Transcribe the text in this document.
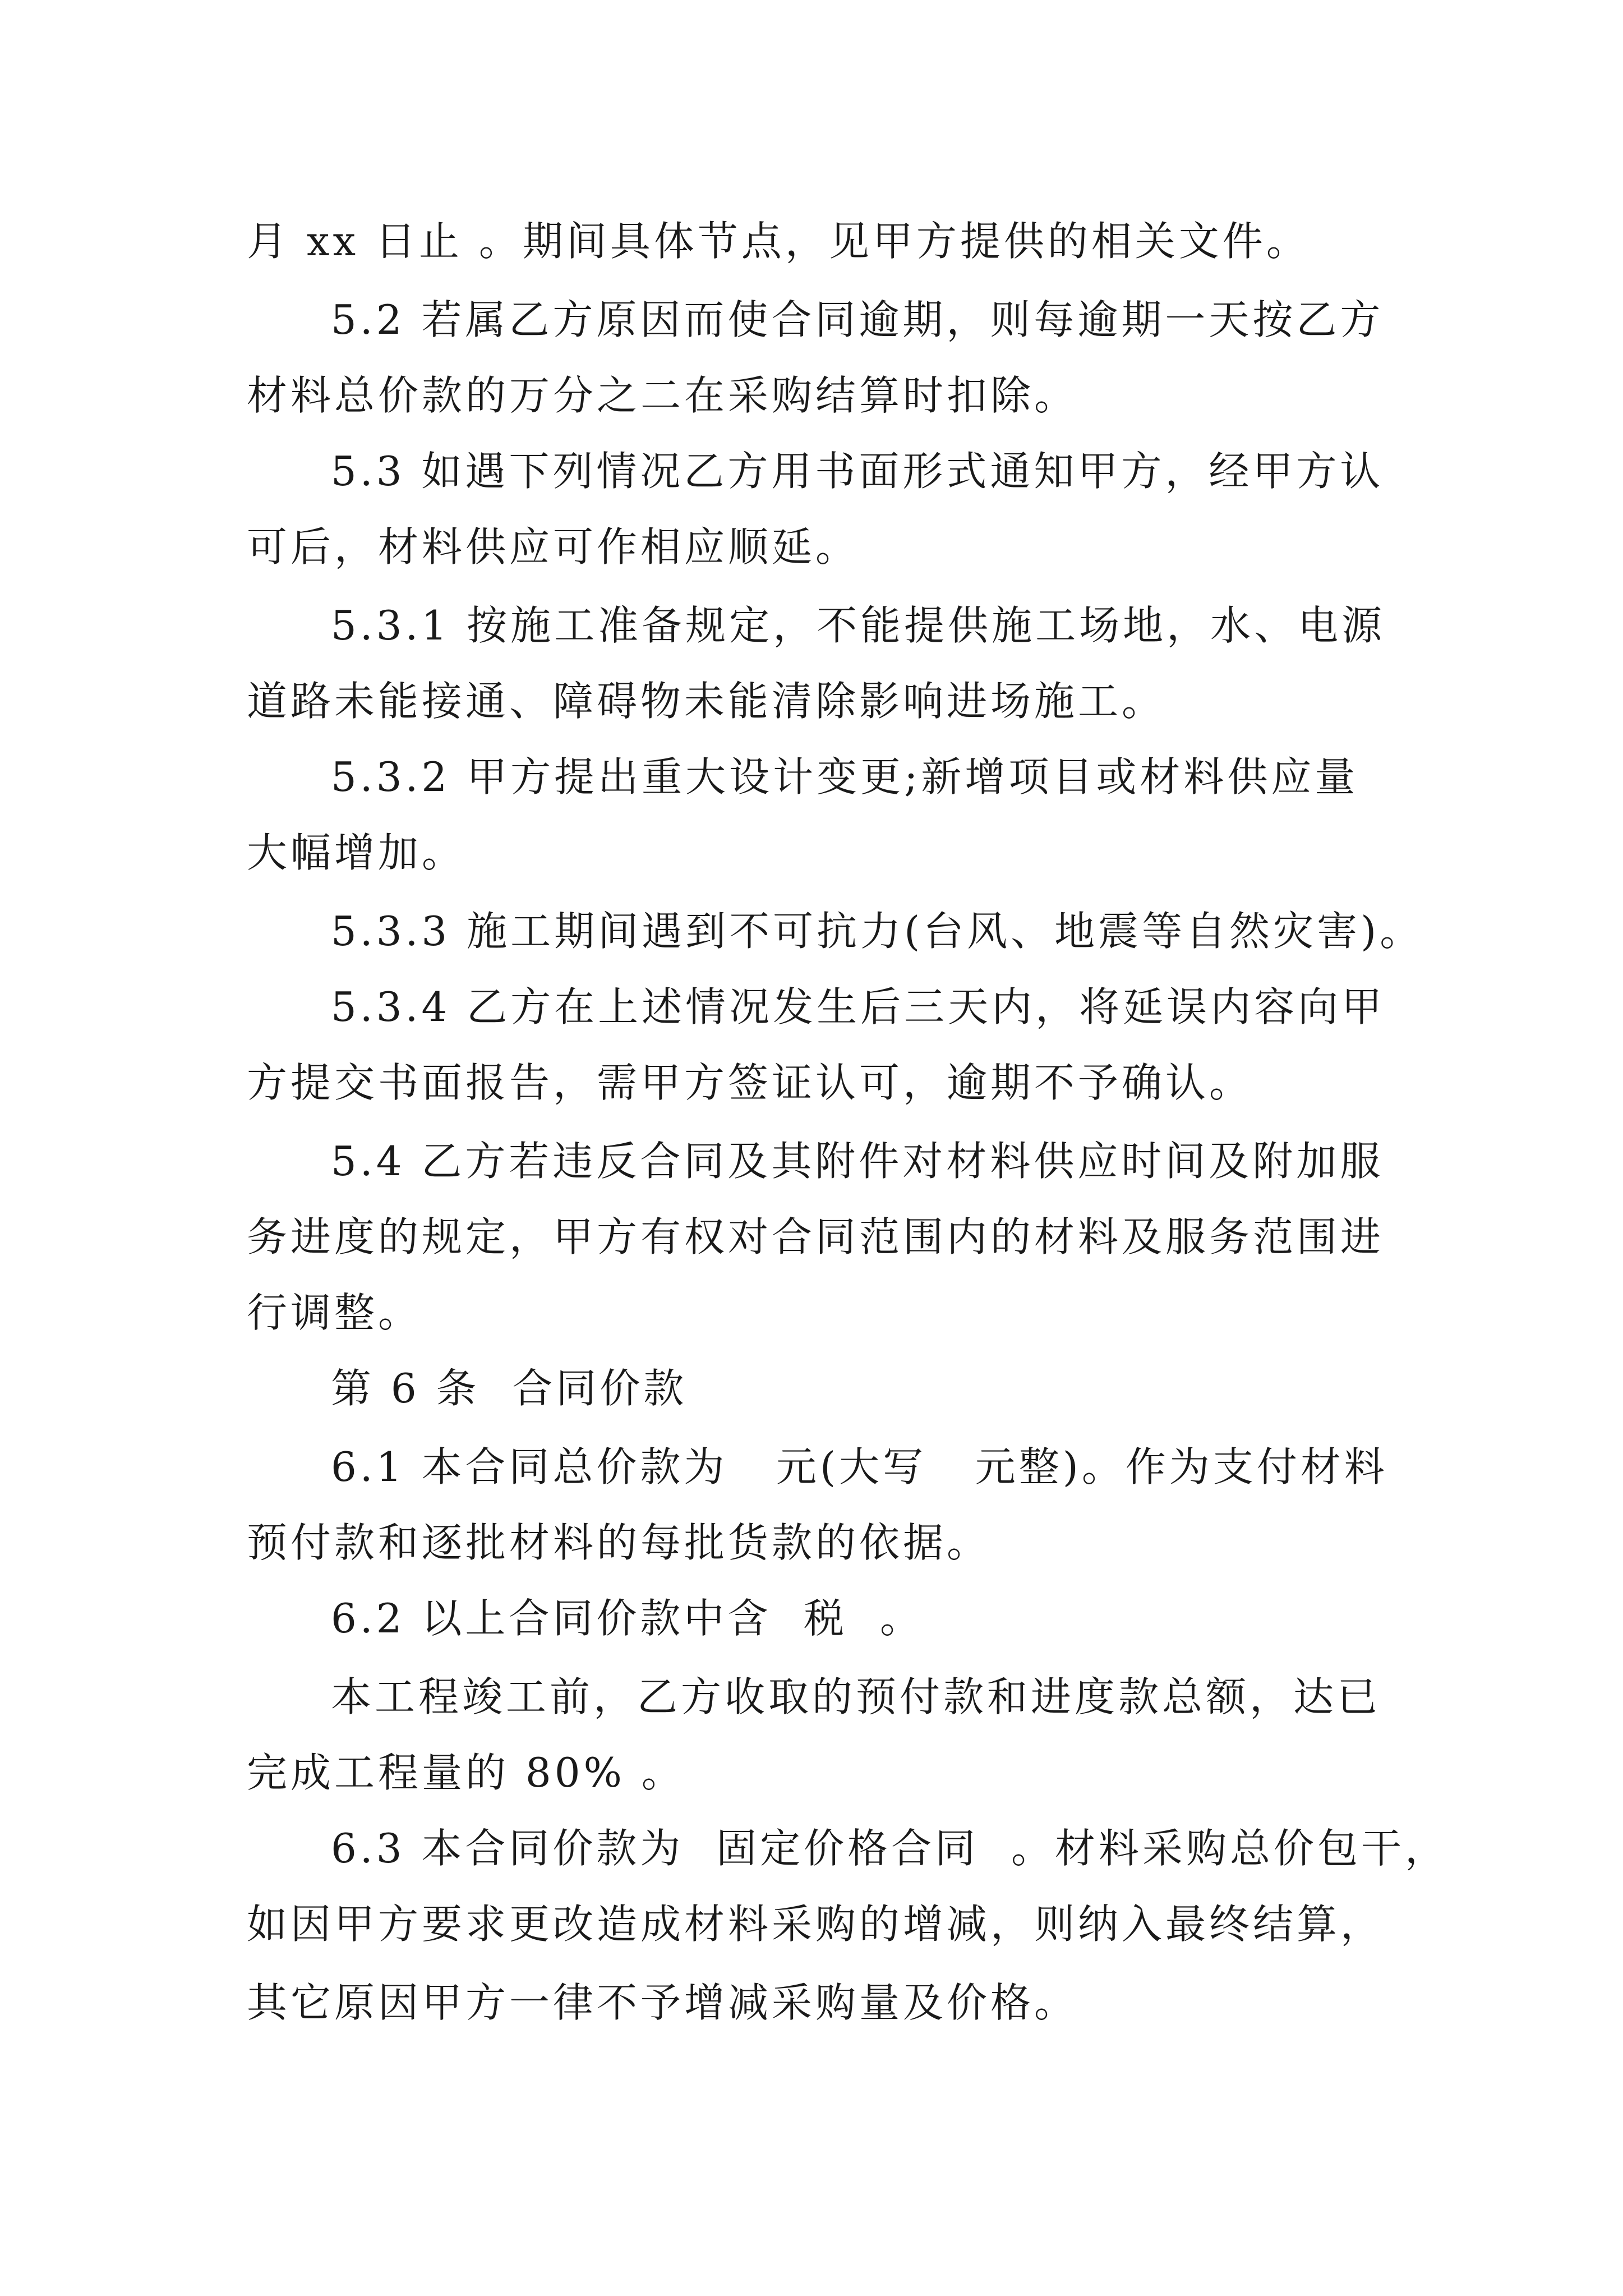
月 xx 日止 。期间具体节点，见甲方提供的相关文件。
5.2 若属乙方原因而使合同逾期，则每逾期一天按乙方
材料总价款的万分之二在采购结算时扣除。
5.3 如遇下列情况乙方用书面形式通知甲方，经甲方认
可后，材料供应可作相应顺延。
5.3.1 按施工准备规定，不能提供施工场地，水、电源
道路未能接通、障碍物未能清除影响进场施工。
5.3.2 甲方提出重大设计变更;新增项目或材料供应量
大幅增加。
5.3.3 施工期间遇到不可抗力(台风、地震等自然灾害)。
5.3.4 乙方在上述情况发生后三天内，将延误内容向甲
方提交书面报告，需甲方签证认可，逾期不予确认。
5.4 乙方若违反合同及其附件对材料供应时间及附加服
务进度的规定，甲方有权对合同范围内的材料及服务范围进
行调整。
第 6 条  合同价款
6.1 本合同总价款为   元(大写   元整)。作为支付材料
预付款和逐批材料的每批货款的依据。
6.2 以上合同价款中含  税  。
本工程竣工前，乙方收取的预付款和进度款总额，达已
完成工程量的 80% 。
6.3 本合同价款为  固定价格合同  。材料采购总价包干，
如因甲方要求更改造成材料采购的增减，则纳入最终结算，
其它原因甲方一律不予增减采购量及价格。
